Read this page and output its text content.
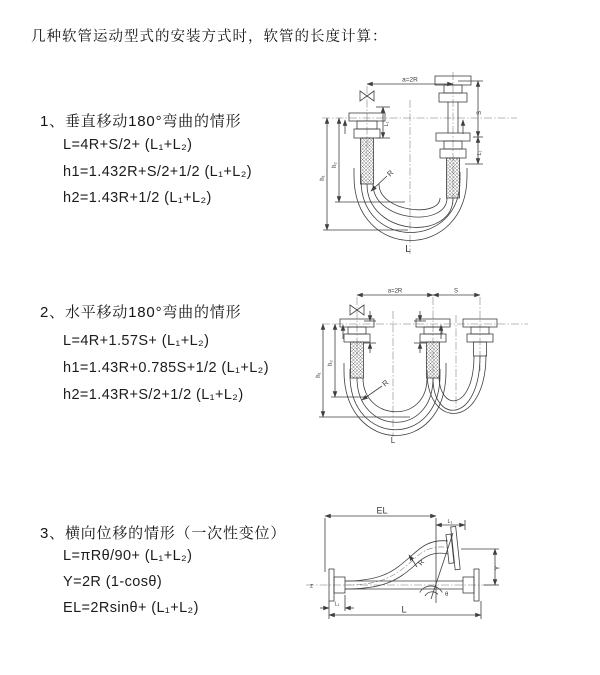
几种软管运动型式的安装方式时，软管的长度计算：
1、垂直移动180°弯曲的情形
L=4R+S/2+ (L₁+L₂)
h1=1.432R+S/2+1/2 (L₁+L₂)
h2=1.43R+1/2 (L₁+L₂)
2、水平移动180°弯曲的情形
L=4R+1.57S+ (L₁+L₂)
h1=1.43R+0.785S+1/2 (L₁+L₂)
h2=1.43R+S/2+1/2 (L₁+L₂)
3、横向位移的情形（一次性变位）
L=πRθ/90+ (L₁+L₂)
Y=2R (1-cosθ)
EL=2Rsinθ+ (L₁+L₂)
a=2R
h₁
h₂
S
L₁
L₁
R
L
a=2R	S
h₁
h₂
R
L
z
EL
L₁
Y
L
L₁
R
θ
